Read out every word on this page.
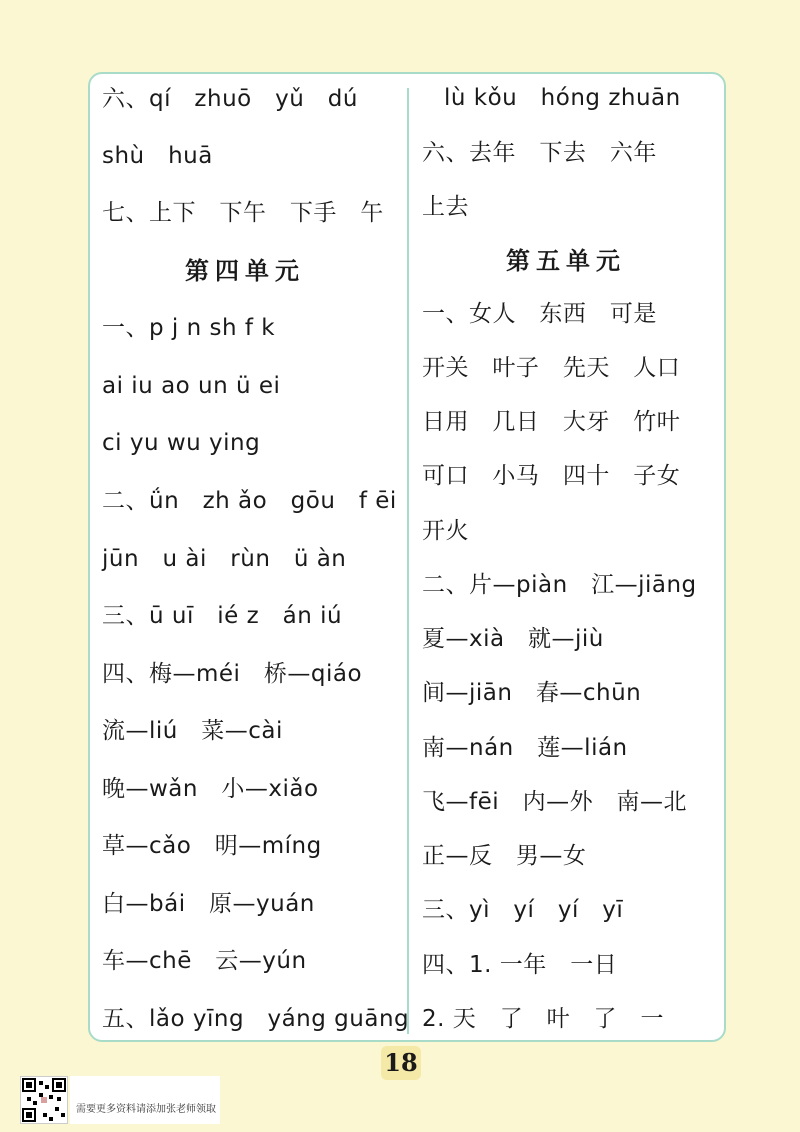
六、qí   zhuō   yǔ   dú
shù   huā
七、上下   下午   下手   午
第四单元
一、p j n sh f k
ai iu ao un ü ei
ci yu wu ying
二、ǘn   zh ǎo   gōu   f ēi
jūn   u ài   rùn   ü àn
三、ū uī   ié z   án iú
四、梅—méi   桥—qiáo
流—liú   菜—cài
晚—wǎn   小—xiǎo
草—cǎo   明—míng
白—bái   原—yuán
车—chē   云—yún
五、lǎo yīng   yáng guāng
lù kǒu   hóng zhuān
六、去年   下去   六年
上去
第五单元
一、女人   东西   可是
开关   叶子   先天   人口
日用   几日   大牙   竹叶
可口   小马   四十   子女
开火
二、片—piàn   江—jiāng
夏—xià   就—jiù
间—jiān   春—chūn
南—nán   莲—lián
飞—fēi   内—外   南—北
正—反   男—女
三、yì   yí   yí   yī
四、1. 一年   一日
2. 天   了   叶   了   一
18
需要更多资料请添加张老师领取
